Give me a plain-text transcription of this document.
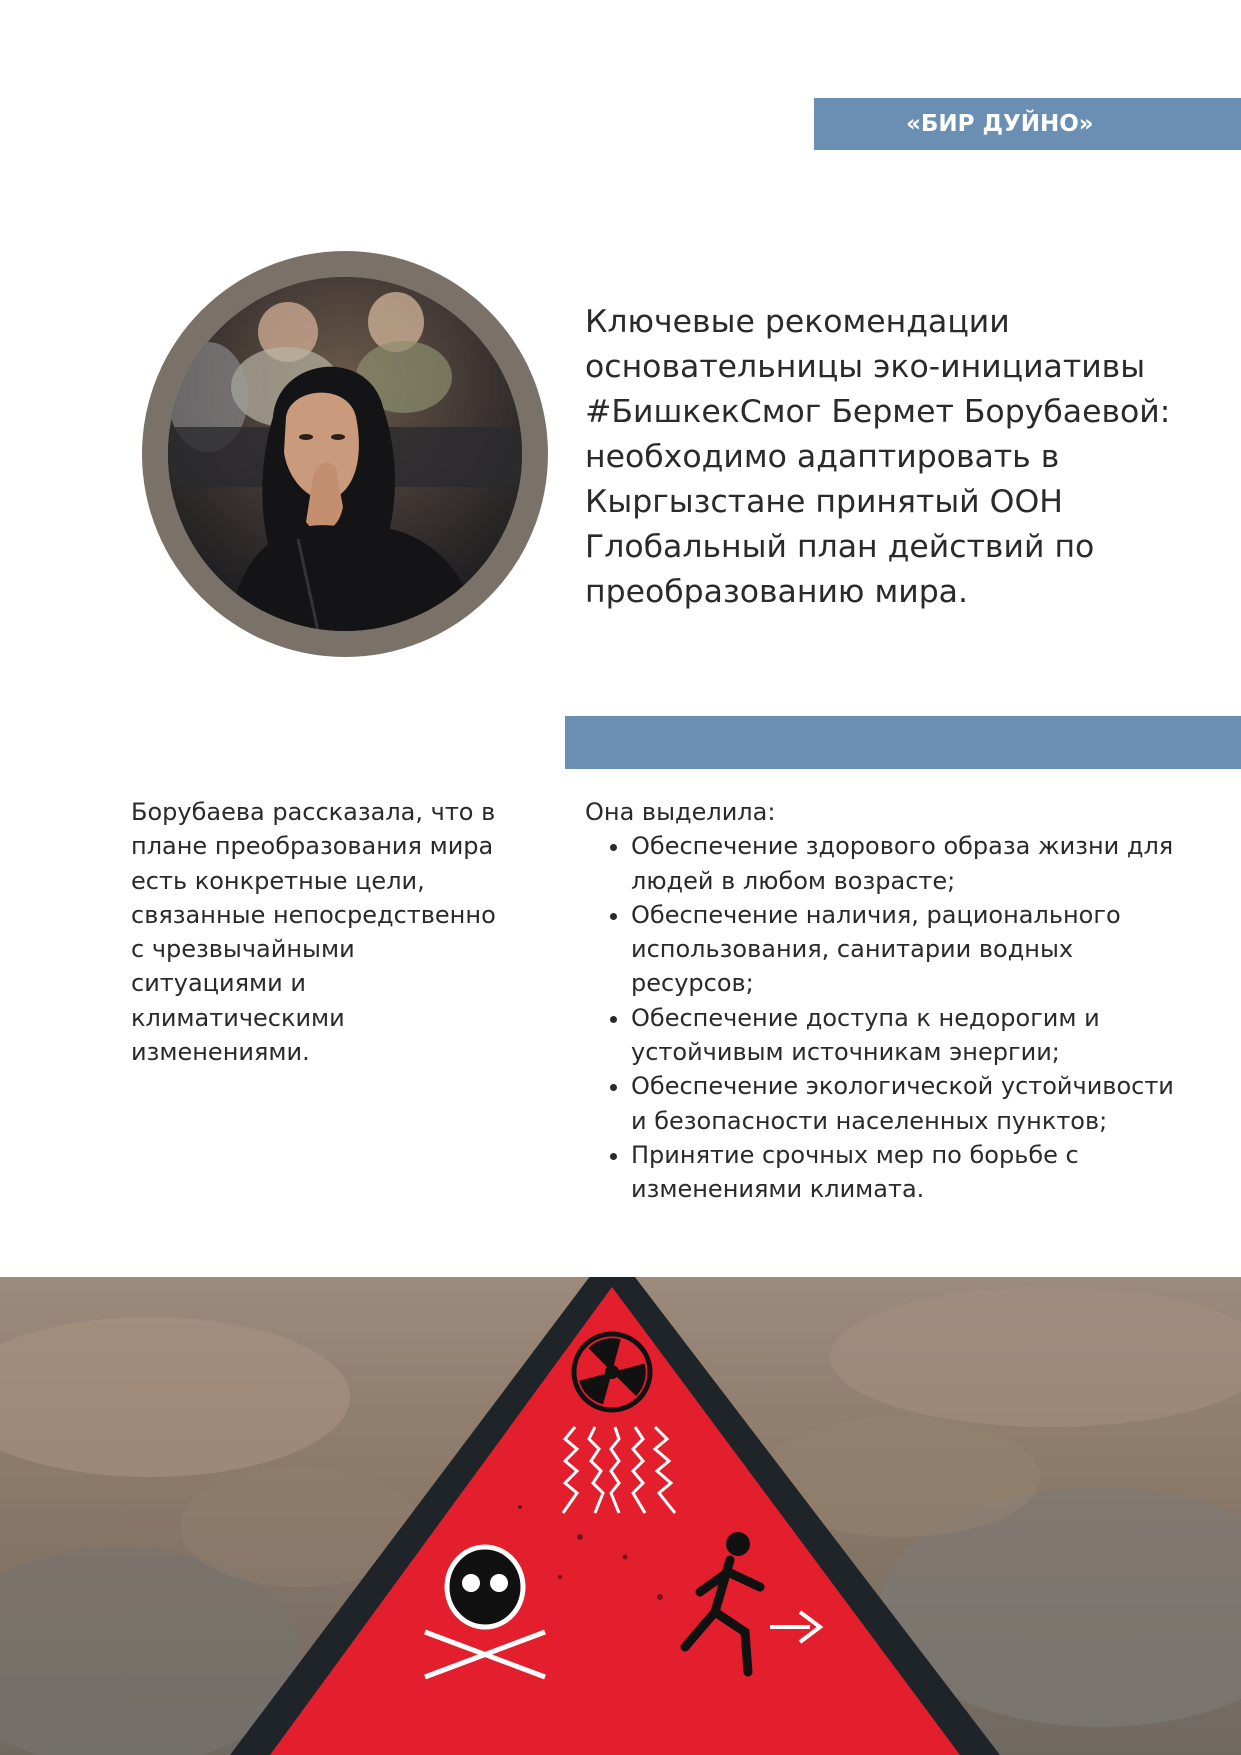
«БИР ДУЙНО»

Ключевые рекомендации основательницы эко-инициативы #БишкекСмог Бермет Борубаевой: необходимо адаптировать в Кыргызстане принятый ООН Глобальный план действий по преобразованию мира.

Борубаева рассказала, что в плане преобразования мира есть конкретные цели, связанные непосредственно с чрезвычайными ситуациями и климатическими изменениями.

Она выделила:

• Обеспечение здорового образа жизни для людей в любом возрасте;
• Обеспечение наличия, рационального использования, санитарии водных ресурсов;
• Обеспечение доступа к недорогим и устойчивым источникам энергии;
• Обеспечение экологической устойчивости и безопасности населенных пунктов;
• Принятие срочных мер по борьбе с изменениями климата.
